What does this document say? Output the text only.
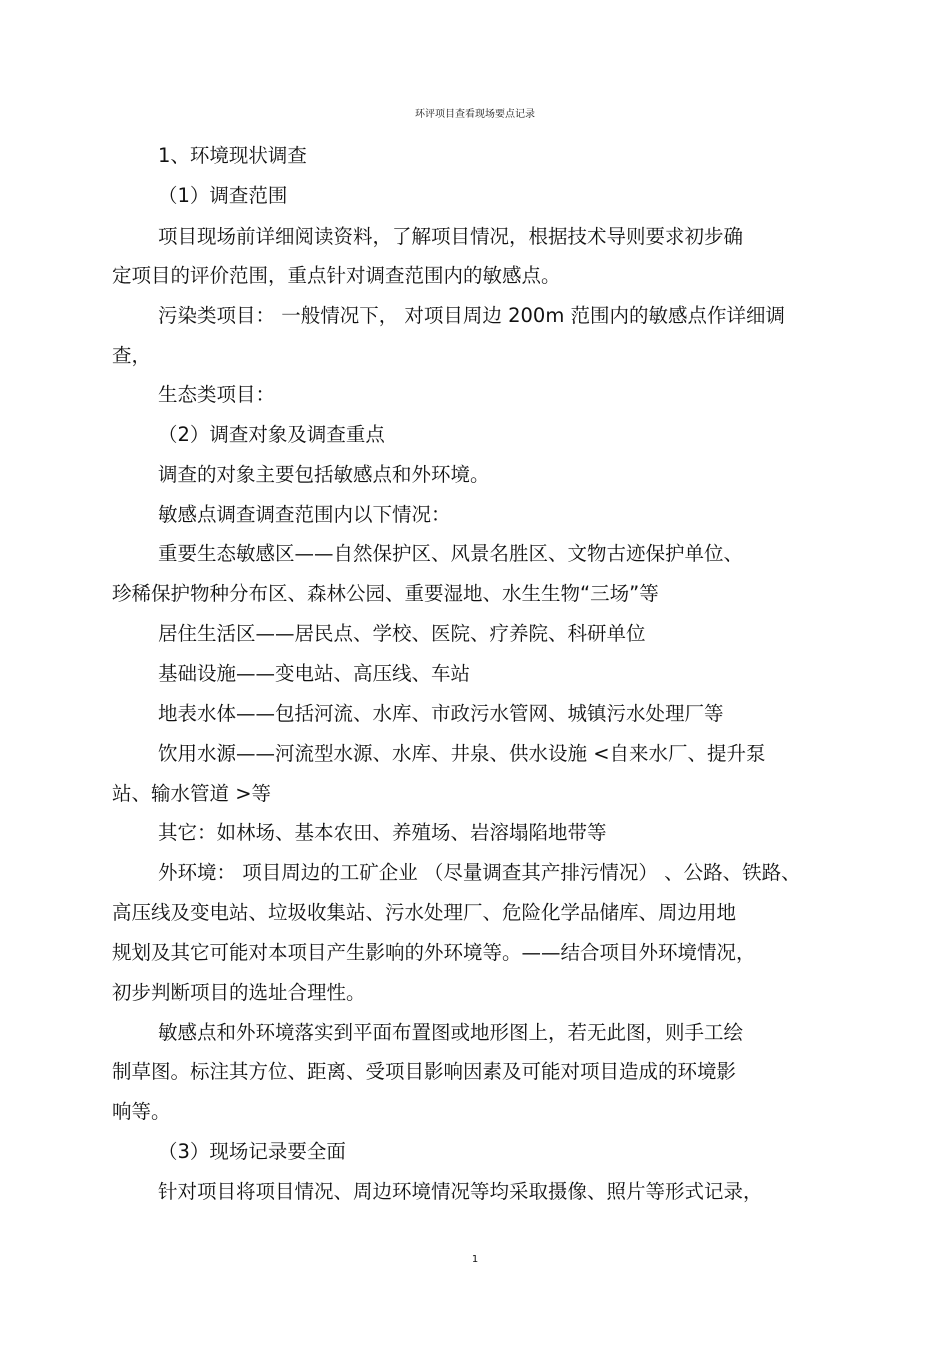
环评项目查看现场要点记录
1、环境现状调查
（1）调查范围
项目现场前详细阅读资料，了解项目情况，根据技术导则要求初步确
定项目的评价范围，重点针对调查范围内的敏感点。
污染类项目： 一般情况下， 对项目周边 200m 范围内的敏感点作详细调
查，
生态类项目：
（2）调查对象及调查重点
调查的对象主要包括敏感点和外环境。
敏感点调查调查范围内以下情况：
重要生态敏感区——自然保护区、风景名胜区、文物古迹保护单位、
珍稀保护物种分布区、森林公园、重要湿地、水生生物“三场”等
居住生活区——居民点、学校、医院、疗养院、科研单位
基础设施——变电站、高压线、车站
地表水体——包括河流、水库、市政污水管网、城镇污水处理厂等
饮用水源——河流型水源、水库、井泉、供水设施 <自来水厂、提升泵
站、输水管道 >等
其它：如林场、基本农田、养殖场、岩溶塌陷地带等
外环境： 项目周边的工矿企业 （尽量调查其产排污情况） 、公路、铁路、
高压线及变电站、垃圾收集站、污水处理厂、危险化学品储库、周边用地
规划及其它可能对本项目产生影响的外环境等。——结合项目外环境情况，
初步判断项目的选址合理性。
敏感点和外环境落实到平面布置图或地形图上，若无此图，则手工绘
制草图。标注其方位、距离、受项目影响因素及可能对项目造成的环境影
响等。
（3）现场记录要全面
针对项目将项目情况、周边环境情况等均采取摄像、照片等形式记录，
1
